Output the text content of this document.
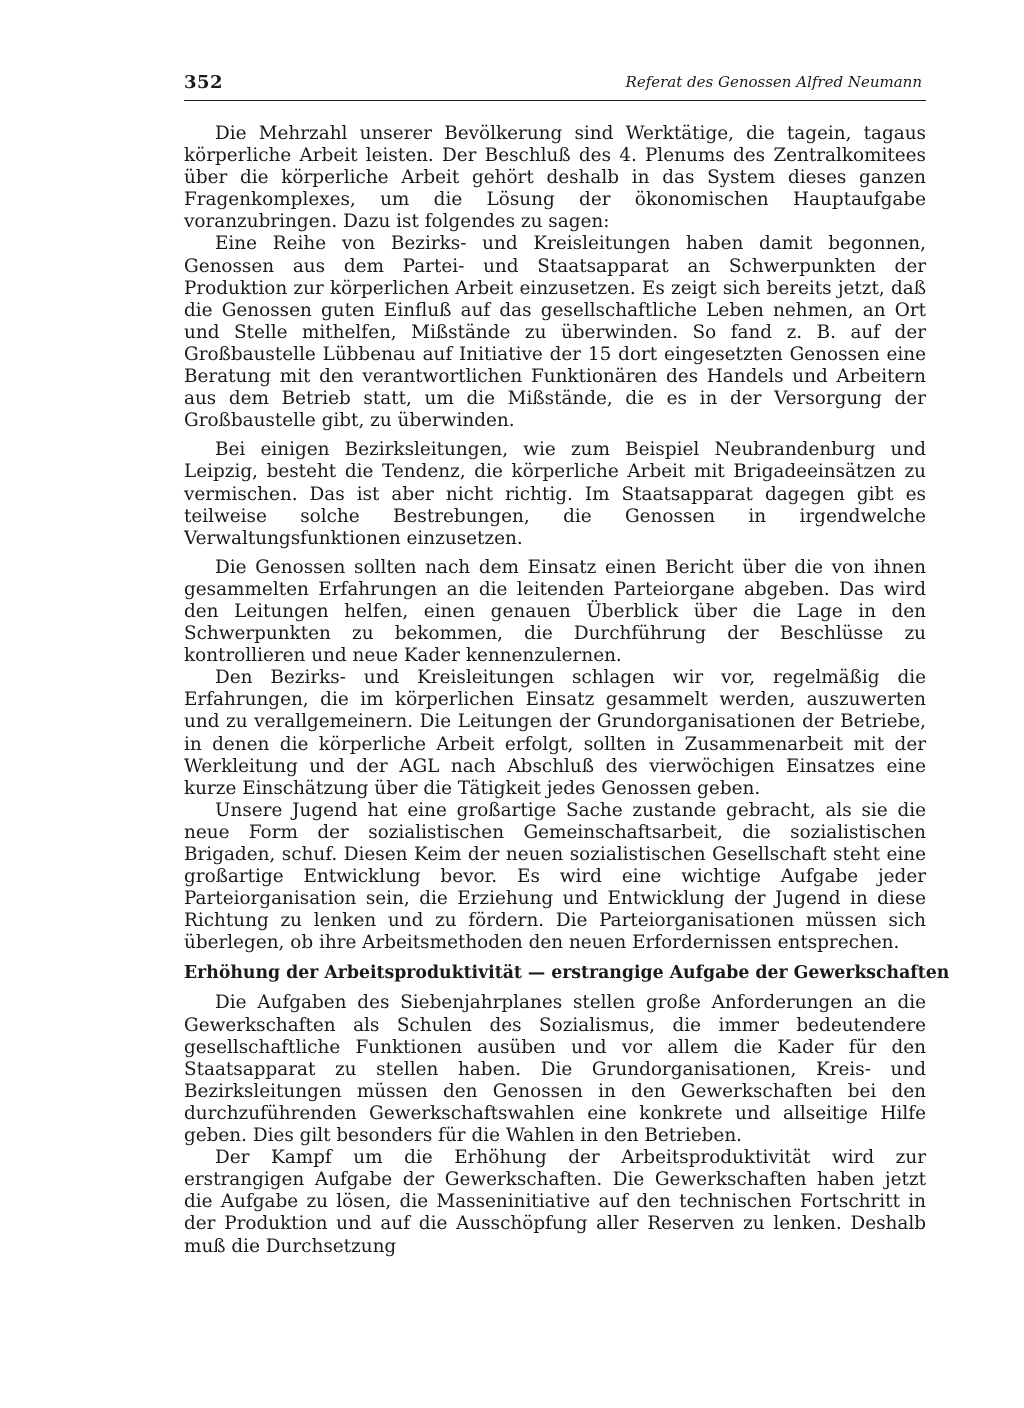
352	Referat des Genossen Alfred Neumann

Die Mehrzahl unserer Bevölkerung sind Werktätige, die tagein, tagaus körperliche Arbeit leisten. Der Beschluß des 4. Plenums des Zentralkomitees über die körperliche Arbeit gehört deshalb in das System dieses ganzen Fragenkomplexes, um die Lösung der ökonomischen Hauptaufgabe voranzubringen. Dazu ist folgendes zu sagen:

Eine Reihe von Bezirks- und Kreisleitungen haben damit begonnen, Genossen aus dem Partei- und Staatsapparat an Schwerpunkten der Produktion zur körperlichen Arbeit einzusetzen. Es zeigt sich bereits jetzt, daß die Genossen guten Einfluß auf das gesellschaftliche Leben nehmen, an Ort und Stelle mithelfen, Mißstände zu überwinden. So fand z. B. auf der Großbaustelle Lübbenau auf Initiative der 15 dort eingesetzten Genossen eine Beratung mit den verantwortlichen Funktionären des Handels und Arbeitern aus dem Betrieb statt, um die Mißstände, die es in der Versorgung der Großbaustelle gibt, zu überwinden.

Bei einigen Bezirksleitungen, wie zum Beispiel Neubrandenburg und Leipzig, besteht die Tendenz, die körperliche Arbeit mit Brigadeeinsätzen zu vermischen. Das ist aber nicht richtig. Im Staatsapparat dagegen gibt es teilweise solche Bestrebungen, die Genossen in irgendwelche Verwaltungsfunktionen einzusetzen.

Die Genossen sollten nach dem Einsatz einen Bericht über die von ihnen gesammelten Erfahrungen an die leitenden Parteiorgane abgeben. Das wird den Leitungen helfen, einen genauen Überblick über die Lage in den Schwerpunkten zu bekommen, die Durchführung der Beschlüsse zu kontrollieren und neue Kader kennenzulernen.

Den Bezirks- und Kreisleitungen schlagen wir vor, regelmäßig die Erfahrungen, die im körperlichen Einsatz gesammelt werden, auszuwerten und zu verallgemeinern. Die Leitungen der Grundorganisationen der Betriebe, in denen die körperliche Arbeit erfolgt, sollten in Zusammenarbeit mit der Werkleitung und der AGL nach Abschluß des vierwöchigen Einsatzes eine kurze Einschätzung über die Tätigkeit jedes Genossen geben.

Unsere Jugend hat eine großartige Sache zustande gebracht, als sie die neue Form der sozialistischen Gemeinschaftsarbeit, die sozialistischen Brigaden, schuf. Diesen Keim der neuen sozialistischen Gesellschaft steht eine großartige Entwicklung bevor. Es wird eine wichtige Aufgabe jeder Parteiorganisation sein, die Erziehung und Entwicklung der Jugend in diese Richtung zu lenken und zu fördern. Die Parteiorganisationen müssen sich überlegen, ob ihre Arbeitsmethoden den neuen Erfordernissen entsprechen.

Erhöhung der Arbeitsproduktivität — erstrangige Aufgabe der Gewerkschaften

Die Aufgaben des Siebenjahrplanes stellen große Anforderungen an die Gewerkschaften als Schulen des Sozialismus, die immer bedeutendere gesellschaftliche Funktionen ausüben und vor allem die Kader für den Staatsapparat zu stellen haben. Die Grundorganisationen, Kreis- und Bezirksleitungen müssen den Genossen in den Gewerkschaften bei den durchzuführenden Gewerkschaftswahlen eine konkrete und allseitige Hilfe geben. Dies gilt besonders für die Wahlen in den Betrieben.

Der Kampf um die Erhöhung der Arbeitsproduktivität wird zur erstrangigen Aufgabe der Gewerkschaften. Die Gewerkschaften haben jetzt die Aufgabe zu lösen, die Masseninitiative auf den technischen Fortschritt in der Produktion und auf die Ausschöpfung aller Reserven zu lenken. Deshalb muß die Durchsetzung
